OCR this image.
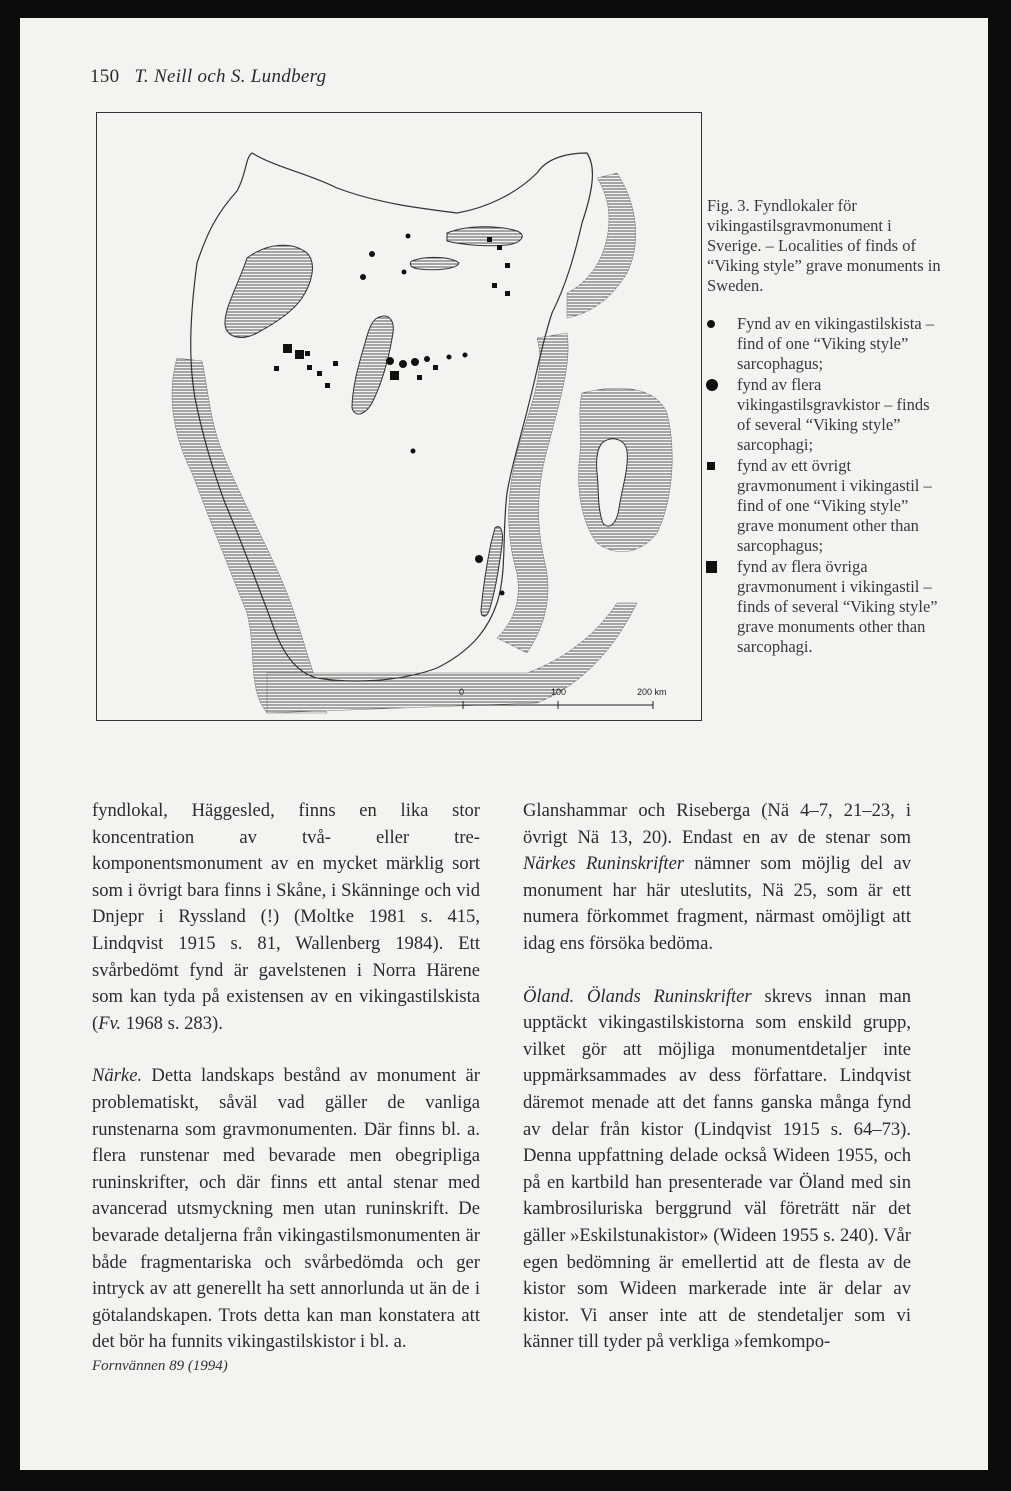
150 T. Neill och S. Lundberg
0	100	200 km

Fig. 3. Fyndlokaler för vikingastilsgravmonument i Sverige. – Localities of finds of “Viking style” grave monuments in Sweden.

Fynd av en vikingastilskista – find of one “Viking style” sarcophagus;
fynd av flera vikingastilsgravkistor – finds of several “Viking style” sarcophagi;
fynd av ett övrigt gravmonument i vikingastil – find of one “Viking style” grave monument other than sarcophagus;
fynd av flera övriga gravmonument i vikingastil – finds of several “Viking style” grave monuments other than sarcophagi.

fyndlokal, Häggesled, finns en lika stor koncentration av två- eller tre-komponentsmonument av en mycket märklig sort som i övrigt bara finns i Skåne, i Skänninge och vid Dnjepr i Ryssland (!) (Moltke 1981 s. 415, Lindqvist 1915 s. 81, Wallenberg 1984). Ett svårbedömt fynd är gavelstenen i Norra Härene som kan tyda på existensen av en vikingastilskista (Fv. 1968 s. 283).

Närke. Detta landskaps bestånd av monument är problematiskt, såväl vad gäller de vanliga runstenarna som gravmonumenten. Där finns bl. a. flera runstenar med bevarade men obegripliga runinskrifter, och där finns ett antal stenar med avancerad utsmyckning men utan runinskrift. De bevarade detaljerna från vikingastilsmonumenten är både fragmentariska och svårbedömda och ger intryck av att generellt ha sett annorlunda ut än de i götalandskapen. Trots detta kan man konstatera att det bör ha funnits vikingastilskistor i bl. a.

Glanshammar och Riseberga (Nä 4–7, 21–23, i övrigt Nä 13, 20). Endast en av de stenar som Närkes Runinskrifter nämner som möjlig del av monument har här uteslutits, Nä 25, som är ett numera förkommet fragment, närmast omöjligt att idag ens försöka bedöma.

Öland. Ölands Runinskrifter skrevs innan man upptäckt vikingastilskistorna som enskild grupp, vilket gör att möjliga monumentdetaljer inte uppmärksammades av dess författare. Lindqvist däremot menade att det fanns ganska många fynd av delar från kistor (Lindqvist 1915 s. 64–73). Denna uppfattning delade också Wideen 1955, och på en kartbild han presenterade var Öland med sin kambrosiluriska berggrund väl företrätt när det gäller »Eskilstunakistor» (Wideen 1955 s. 240). Vår egen bedömning är emellertid att de flesta av de kistor som Wideen markerade inte är delar av kistor. Vi anser inte att de stendetaljer som vi känner till tyder på verkliga »femkompo-

Fornvännen 89 (1994)
